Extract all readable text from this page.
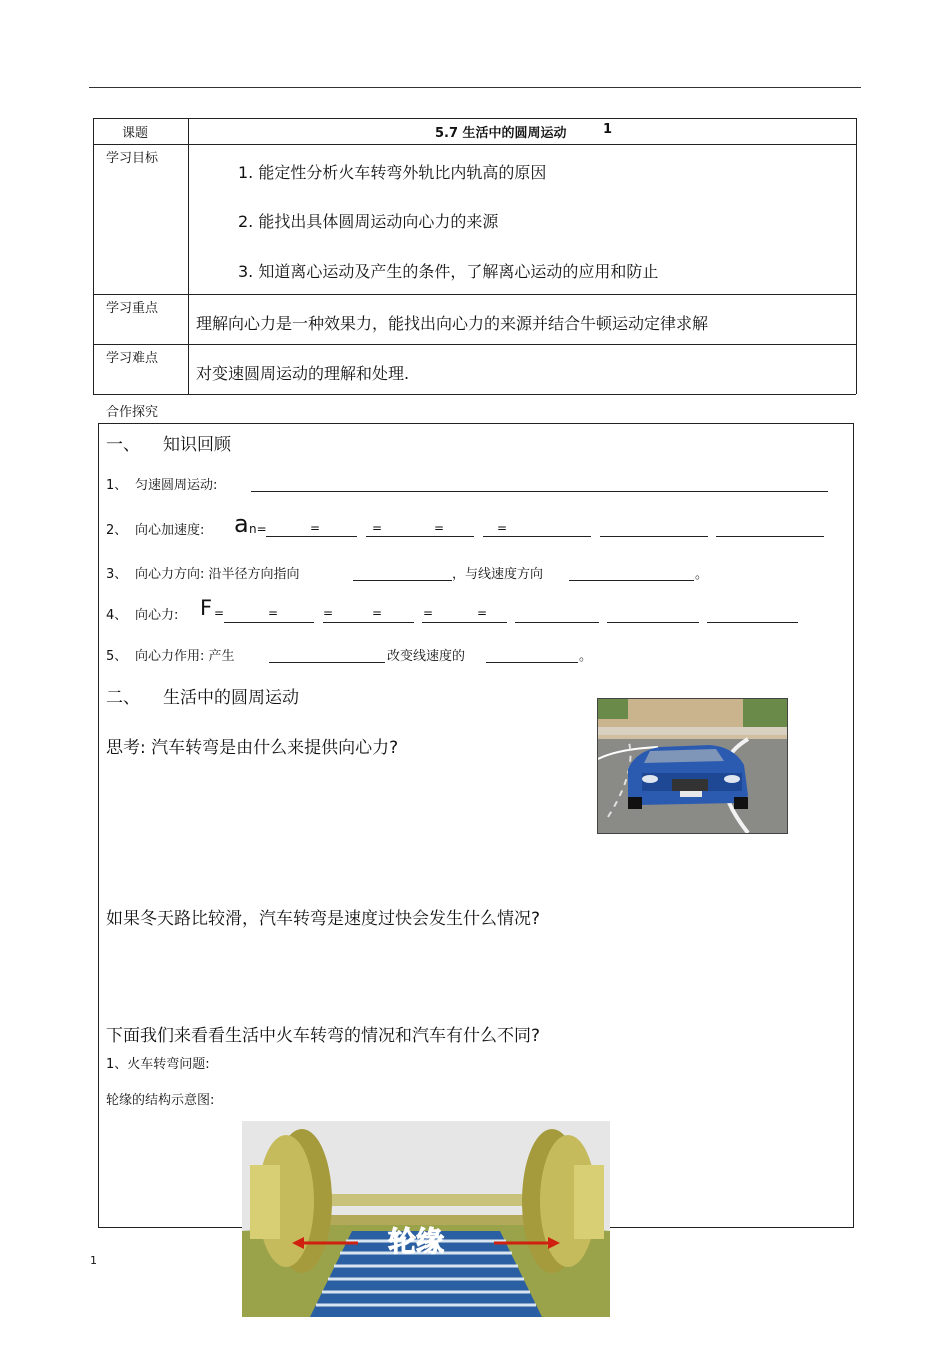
课题	5.7 生活中的圆周运动	1
学习目标
1. 能定性分析火车转弯外轨比内轨高的原因
2. 能找出具体圆周运动向心力的来源
3. 知道离心运动及产生的条件，了解离心运动的应用和防止
学习重点
理解向心力是一种效果力，能找出向心力的来源并结合牛顿运动定律求解
学习难点
对变速圆周运动的理解和处理.
合作探究
一、 知识回顾
1、 匀速圆周运动:
2、 向心加速度: a n=	=	=	=	=
3、 向心力方向: 沿半径方向指向	，与线速度方向	。
4、 向心力: F =	=	=	=	=	=
5、 向心力作用: 产生	改变线速度的	。
二、 生活中的圆周运动
思考: 汽车转弯是由什么来提供向心力?
如果冬天路比较滑，汽车转弯是速度过快会发生什么情况?
下面我们来看看生活中火车转弯的情况和汽车有什么不同?
1、火车转弯问题:
轮缘的结构示意图:
轮缘
1
